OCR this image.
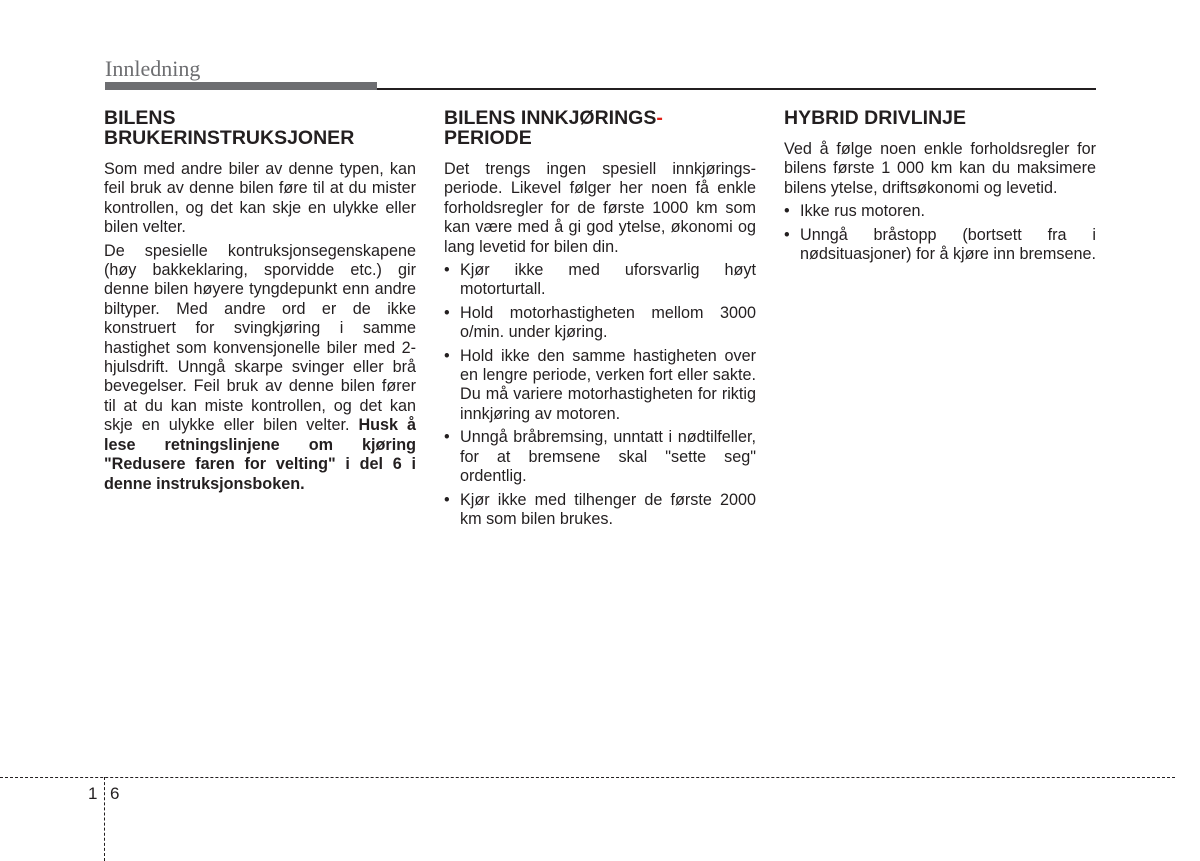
Innledning
BILENS BRUKERINSTRUKSJONER

Som med andre biler av denne typen, kan feil bruk av denne bilen føre til at du mister kontrollen, og det kan skje en ulykke eller bilen velter.

De spesielle kontruksjonsegenskapene (høy bakkeklaring, sporvidde etc.) gir denne bilen høyere tyngdepunkt enn andre biltyper. Med andre ord er de ikke konstruert for svingkjøring i samme hastighet som konvensjonelle biler med 2-hjulsdrift. Unngå skarpe svinger eller brå bevegelser. Feil bruk av denne bilen fører til at du kan miste kontrollen, og det kan skje en ulykke eller bilen velter. Husk å lese retningslinjene om kjøring "Redusere faren for velting" i del 6 i denne instruksjonsboken.

BILENS INNKJØRINGS-
PERIODE

Det trengs ingen spesiell innkjørings-periode. Likevel følger her noen få enkle forholdsregler for de første 1000 km som kan være med å gi god ytelse, økonomi og lang levetid for bilen din.

• Kjør ikke med uforsvarlig høyt motorturtall.
• Hold motorhastigheten mellom 3000 o/min. under kjøring.
• Hold ikke den samme hastigheten over en lengre periode, verken fort eller sakte. Du må variere motorhastigheten for riktig innkjøring av motoren.
• Unngå bråbremsing, unntatt i nødtilfeller, for at bremsene skal "sette seg" ordentlig.
• Kjør ikke med tilhenger de første 2000 km som bilen brukes.
HYBRID DRIVLINJE

Ved å følge noen enkle forholdsregler for bilens første 1 000 km kan du maksimere bilens ytelse, driftsøkonomi og levetid.

• Ikke rus motoren.
• Unngå bråstopp (bortsett fra i nødsituasjoner) for å kjøre inn bremsene.
1 6
